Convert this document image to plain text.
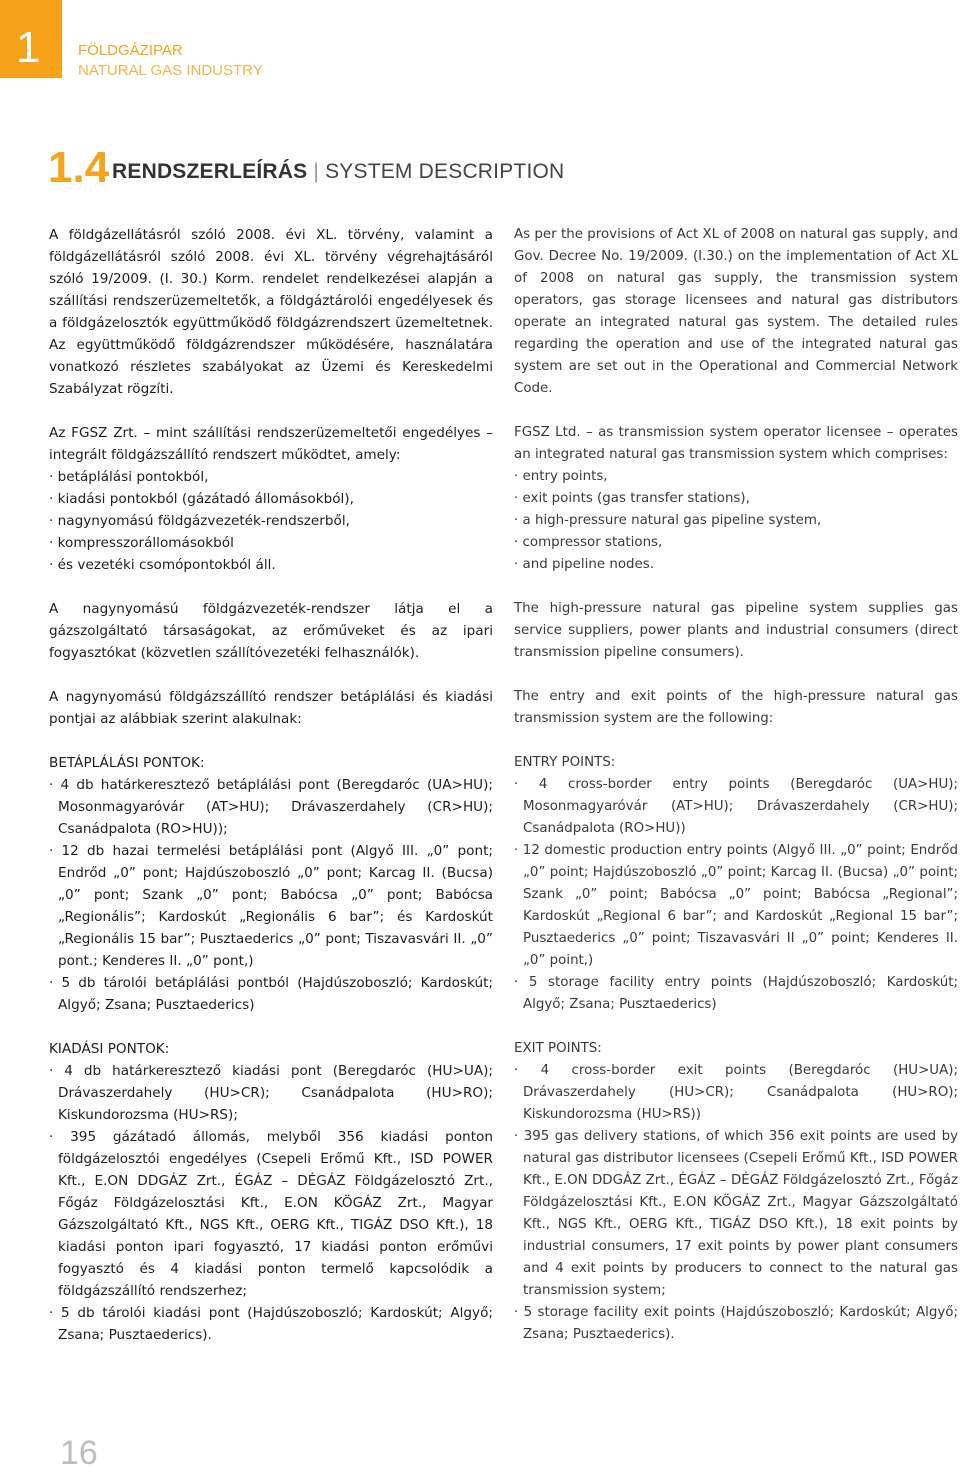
1	FÖLDGÁZIPAR
NATURAL GAS INDUSTRY
1.4 RENDSZERLEÍRÁS | SYSTEM DESCRIPTION

A földgázellátásról szóló 2008. évi XL. törvény, valamint a földgázellátásról szóló 2008. évi XL. törvény végrehajtásáról szóló 19/2009. (I. 30.) Korm. rendelet rendelkezései alapján a szállítási rendszerüzemeltetők, a földgáztárolói engedélyesek és a földgázelosztók együttműködő földgázrendszert üzemeltetnek. Az együttműködő földgázrendszer működésére, használatára vonatkozó részletes szabályokat az Üzemi és Kereskedelmi Szabályzat rögzíti.

Az FGSZ Zrt. – mint szállítási rendszerüzemeltetői engedélyes – integrált földgázszállító rendszert működtet, amely:

· betáplálási pontokból,
· kiadási pontokból (gázátadó állomásokból),
· nagynyomású földgázvezeték-rendszerből,
· kompresszorállomásokból
· és vezetéki csomópontokból áll.

A nagynyomású földgázvezeték-rendszer látja el a gázszolgáltató társaságokat, az erőműveket és az ipari fogyasztókat (közvetlen szállítóvezetéki felhasználók).

A nagynyomású földgázszállító rendszer betáplálási és kiadási pontjai az alábbiak szerint alakulnak:

BETÁPLÁLÁSI PONTOK:

· 4 db határkeresztező betáplálási pont (Beregdaróc (UA>HU); Mosonmagyaróvár (AT>HU); Drávaszerdahely (CR>HU); Csanádpalota (RO>HU));
· 12 db hazai termelési betáplálási pont (Algyő III. „0” pont; Endrőd „0” pont; Hajdúszoboszló „0” pont; Karcag II. (Bucsa) „0” pont; Szank „0” pont; Babócsa „0” pont; Babócsa „Regionális”; Kardoskút „Regionális 6 bar”; és Kardoskút „Regionális 15 bar”; Pusztaederics „0” pont; Tiszavasvári II. „0” pont.; Kenderes II. „0” pont,)
· 5 db tárolói betáplálási pontból (Hajdúszoboszló; Kardoskút; Algyő; Zsana; Pusztaederics)

KIADÁSI PONTOK:

· 4 db határkeresztező kiadási pont (Beregdaróc (HU>UA); Drávaszerdahely (HU>CR); Csanádpalota (HU>RO); Kiskundorozsma (HU>RS);
· 395 gázátadó állomás, melyből 356 kiadási ponton földgázelosztói engedélyes (Csepeli Erőmű Kft., ISD POWER Kft., E.ON DDGÁZ Zrt., ÉGÁZ – DÉGÁZ Földgázelosztó Zrt., Főgáz Földgázelosztási Kft., E.ON KÖGÁZ Zrt., Magyar Gázszolgáltató Kft., NGS Kft., OERG Kft., TIGÁZ DSO Kft.), 18 kiadási ponton ipari fogyasztó, 17 kiadási ponton erőművi fogyasztó és 4 kiadási ponton termelő kapcsolódik a földgázszállító rendszerhez;
· 5 db tárolói kiadási pont (Hajdúszoboszló; Kardoskút; Algyő; Zsana; Pusztaederics).

As per the provisions of Act XL of 2008 on natural gas supply, and Gov. Decree No. 19/2009. (I.30.) on the implementation of Act XL of 2008 on natural gas supply, the transmission system operators, gas storage licensees and natural gas distributors operate an integrated natural gas system. The detailed rules regarding the operation and use of the integrated natural gas system are set out in the Operational and Commercial Network Code.

FGSZ Ltd. – as transmission system operator licensee – operates an integrated natural gas transmission system which comprises:

· entry points,
· exit points (gas transfer stations),
· a high-pressure natural gas pipeline system,
· compressor stations,
· and pipeline nodes.

The high-pressure natural gas pipeline system supplies gas service suppliers, power plants and industrial consumers (direct transmission pipeline consumers).

The entry and exit points of the high-pressure natural gas transmission system are the following:

ENTRY POINTS:

· 4 cross-border entry points (Beregdaróc (UA>HU); Mosonmagyaróvár (AT>HU); Drávaszerdahely (CR>HU); Csanádpalota (RO>HU))
· 12 domestic production entry points (Algyő III. „0” point; Endrőd „0” point; Hajdúszoboszló „0” point; Karcag II. (Bucsa) „0” point; Szank „0” point; Babócsa „0” point; Babócsa „Regional”; Kardoskút „Regional 6 bar”; and Kardoskút „Regional 15 bar”; Pusztaederics „0” point; Tiszavasvári II „0” point; Kenderes II. „0” point,)
· 5 storage facility entry points (Hajdúszoboszló; Kardoskút; Algyő; Zsana; Pusztaederics)

EXIT POINTS:

· 4 cross-border exit points (Beregdaróc (HU>UA); Drávaszerdahely (HU>CR); Csanádpalota (HU>RO); Kiskundorozsma (HU>RS))
· 395 gas delivery stations, of which 356 exit points are used by natural gas distributor licensees (Csepeli Erőmű Kft., ISD POWER Kft., E.ON DDGÁZ Zrt., ÉGÁZ – DÉGÁZ Földgázelosztó Zrt., Főgáz Földgázelosztási Kft., E.ON KÖGÁZ Zrt., Magyar Gázszolgáltató Kft., NGS Kft., OERG Kft., TIGÁZ DSO Kft.), 18 exit points by industrial consumers, 17 exit points by power plant consumers and 4 exit points by producers to connect to the natural gas transmission system;
· 5 storage facility exit points (Hajdúszoboszló; Kardoskút; Algyő; Zsana; Pusztaederics).
16
